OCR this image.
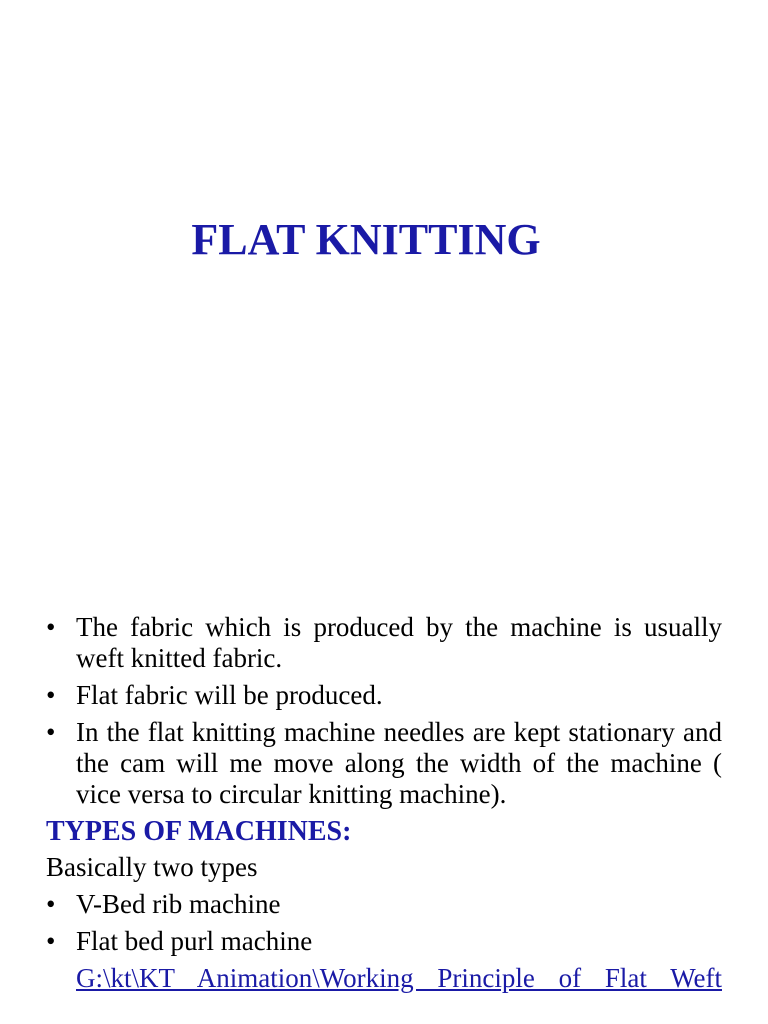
FLAT KNITTING
• The fabric which is produced by the machine is usually weft knitted fabric.
• Flat fabric will be produced.
• In the flat knitting machine needles are kept stationary and the cam will me move along the width of the machine ( vice versa to circular knitting machine).

TYPES OF MACHINES:

Basically two types

• V-Bed rib machine
• Flat bed purl machine
G:\kt\KT Animation\Working Principle of Flat Weft
